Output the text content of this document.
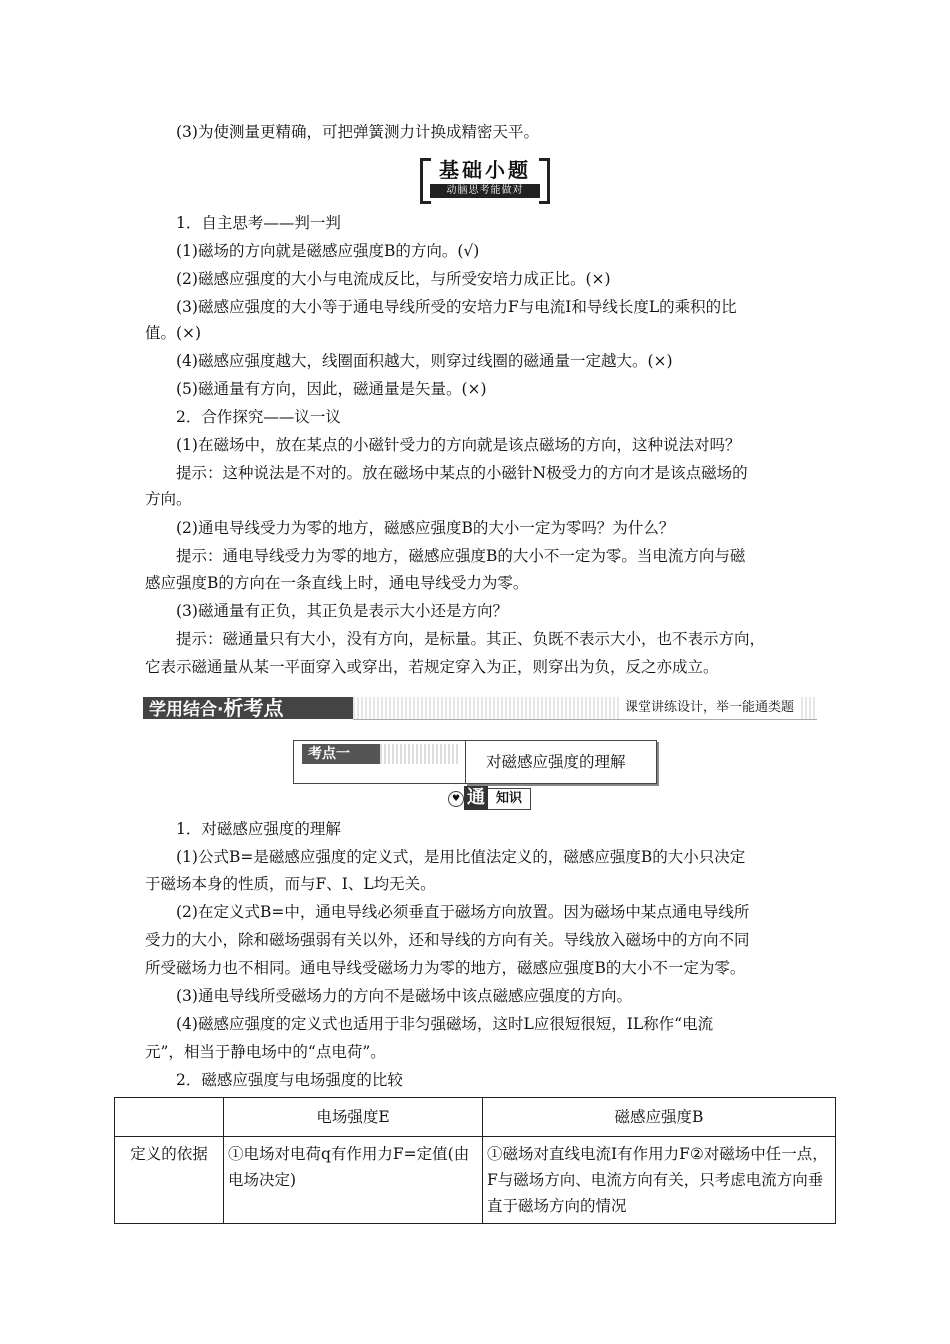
(3)为使测量更精确，可把弹簧测力计换成精密天平。
基础小题
动脑思考能做对
1．自主思考——判一判
(1)磁场的方向就是磁感应强度B的方向。(√)
(2)磁感应强度的大小与电流成反比，与所受安培力成正比。(×)
(3)磁感应强度的大小等于通电导线所受的安培力F与电流I和导线长度L的乘积的比
值。(×)
(4)磁感应强度越大，线圈面积越大，则穿过线圈的磁通量一定越大。(×)
(5)磁通量有方向，因此，磁通量是矢量。(×)
2．合作探究——议一议
(1)在磁场中，放在某点的小磁针受力的方向就是该点磁场的方向，这种说法对吗？
提示：这种说法是不对的。放在磁场中某点的小磁针N极受力的方向才是该点磁场的
方向。
(2)通电导线受力为零的地方，磁感应强度B的大小一定为零吗？为什么？
提示：通电导线受力为零的地方，磁感应强度B的大小不一定为零。当电流方向与磁
感应强度B的方向在一条直线上时，通电导线受力为零。
(3)磁通量有正负，其正负是表示大小还是方向？
提示：磁通量只有大小，没有方向，是标量。其正、负既不表示大小，也不表示方向，
它表示磁通量从某一平面穿入或穿出，若规定穿入为正，则穿出为负，反之亦成立。
学用结合·析考点	课堂讲练设计，举一能通类题
考点一	对磁感应强度的理解
♥ 通 知识
1．对磁感应强度的理解
(1)公式B=是磁感应强度的定义式，是用比值法定义的，磁感应强度B的大小只决定
于磁场本身的性质，而与F、I、L均无关。
(2)在定义式B=中，通电导线必须垂直于磁场方向放置。因为磁场中某点通电导线所
受力的大小，除和磁场强弱有关以外，还和导线的方向有关。导线放入磁场中的方向不同
所受磁场力也不相同。通电导线受磁场力为零的地方，磁感应强度B的大小不一定为零。
(3)通电导线所受磁场力的方向不是磁场中该点磁感应强度的方向。
(4)磁感应强度的定义式也适用于非匀强磁场，这时L应很短很短，IL称作“电流
元”，相当于静电场中的“点电荷”。
2．磁感应强度与电场强度的比较
	电场强度E	磁感应强度B
定义的依据	①电场对电荷q有作用力F=定值(由电场决定)	①磁场对直线电流I有作用力F②对磁场中任一点，F与磁场方向、电流方向有关，只考虑电流方向垂直于磁场方向的情况
